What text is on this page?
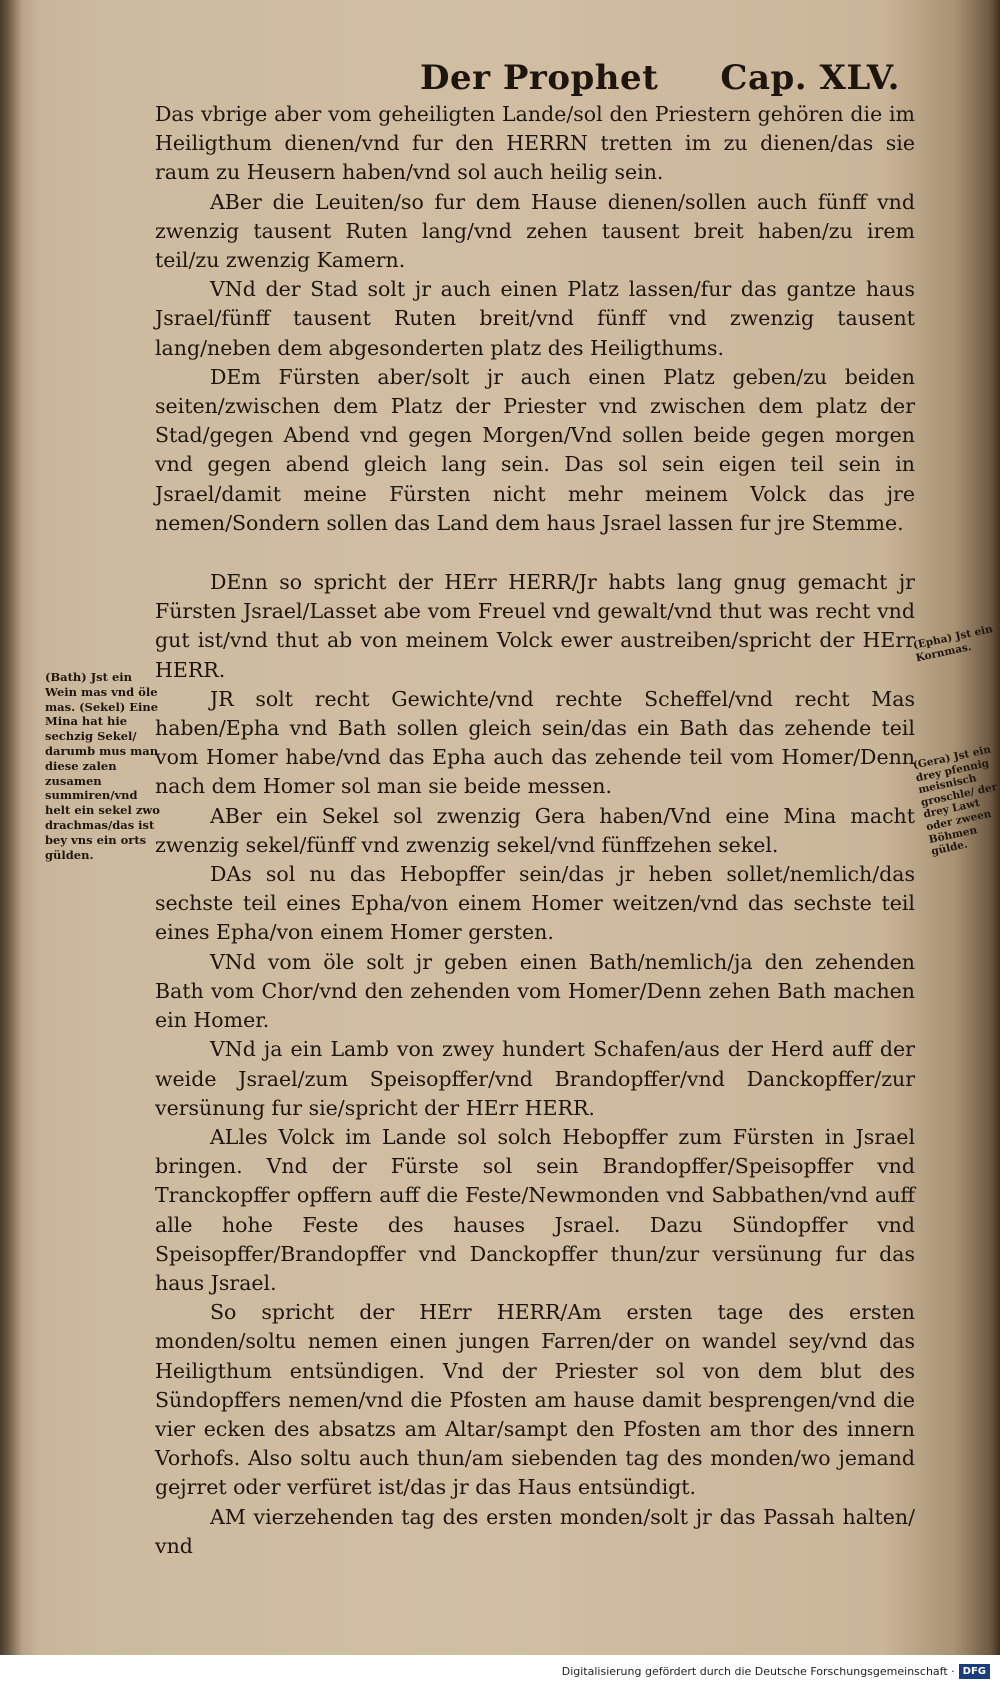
Der Prophet Cap. XLV.

Das vbrige aber vom geheiligten Lande/sol den Priestern gehören die im Heiligthum dienen/vnd fur den HERRN tretten im zu dienen/das sie raum zu Heusern haben/vnd sol auch heilig sein.

ABer die Leuiten/so fur dem Hause dienen/sollen auch fünff vnd zwenzig tausent Ruten lang/vnd zehen tausent breit haben/zu irem teil/zu zwenzig Kamern.

VNd der Stad solt jr auch einen Platz lassen/fur das gantze haus Jsrael/fünff tausent Ruten breit/vnd fünff vnd zwenzig tausent lang/neben dem abgesonderten platz des Heiligthums.

DEm Fürsten aber/solt jr auch einen Platz geben/zu beiden seiten/zwischen dem Platz der Priester vnd zwischen dem platz der Stad/gegen Abend vnd gegen Morgen/Vnd sollen beide gegen morgen vnd gegen abend gleich lang sein. Das sol sein eigen teil sein in Jsrael/damit meine Fürsten nicht mehr meinem Volck das jre nemen/Sondern sollen das Land dem haus Jsrael lassen fur jre Stemme.

DEnn so spricht der HErr HERR/Jr habts lang gnug gemacht jr Fürsten Jsrael/Lasset abe vom Freuel vnd gewalt/vnd thut was recht vnd gut ist/vnd thut ab von meinem Volck ewer austreiben/spricht der HErr HERR.

JR solt recht Gewichte/vnd rechte Scheffel/vnd recht Mas haben/Epha vnd Bath sollen gleich sein/das ein Bath das zehende teil vom Homer habe/vnd das Epha auch das zehende teil vom Homer/Denn nach dem Homer sol man sie beide messen.

ABer ein Sekel sol zwenzig Gera haben/Vnd eine Mina macht zwenzig sekel/fünff vnd zwenzig sekel/vnd fünffzehen sekel.

DAs sol nu das Hebopffer sein/das jr heben sollet/nemlich/das sechste teil eines Epha/von einem Homer weitzen/vnd das sechste teil eines Epha/von einem Homer gersten.

VNd vom öle solt jr geben einen Bath/nemlich/ja den zehenden Bath vom Chor/vnd den zehenden vom Homer/Denn zehen Bath machen ein Homer.

VNd ja ein Lamb von zwey hundert Schafen/aus der Herd auff der weide Jsrael/zum Speisopffer/vnd Brandopffer/vnd Danckopffer/zur versünung fur sie/spricht der HErr HERR.

ALles Volck im Lande sol solch Hebopffer zum Fürsten in Jsrael bringen. Vnd der Fürste sol sein Brandopffer/Speisopffer vnd Tranckopffer opffern auff die Feste/Newmonden vnd Sabbathen/vnd auff alle hohe Feste des hauses Jsrael. Dazu Sündopffer vnd Speisopffer/Brandopffer vnd Danckopffer thun/zur versünung fur das haus Jsrael.

So spricht der HErr HERR/Am ersten tage des ersten monden/soltu nemen einen jungen Farren/der on wandel sey/vnd das Heiligthum entsündigen. Vnd der Priester sol von dem blut des Sündopffers nemen/vnd die Pfosten am hause damit besprengen/vnd die vier ecken des absatzs am Altar/sampt den Pfosten am thor des innern Vorhofs. Also soltu auch thun/am siebenden tag des monden/wo jemand gejrret oder verfüret ist/das jr das Haus entsündigt.

AM vierzehenden tag des ersten monden/solt jr das Passah halten/ vnd

(Bath) Jst ein Wein mas vnd öle mas. (Sekel) Eine Mina hat hie sechzig Sekel/ darumb mus man diese zalen zusamen summiren/vnd helt ein sekel zwo drachmas/das ist bey vns ein orts gülden.
(Epha) Jst ein Kornmas.
(Gera) Jst ein drey pfennig meisnisch groschle/ der drey Lawt oder zween Böhmen gülde.
Digitalisierung gefördert durch die Deutsche Forschungsgemeinschaft · DFG
